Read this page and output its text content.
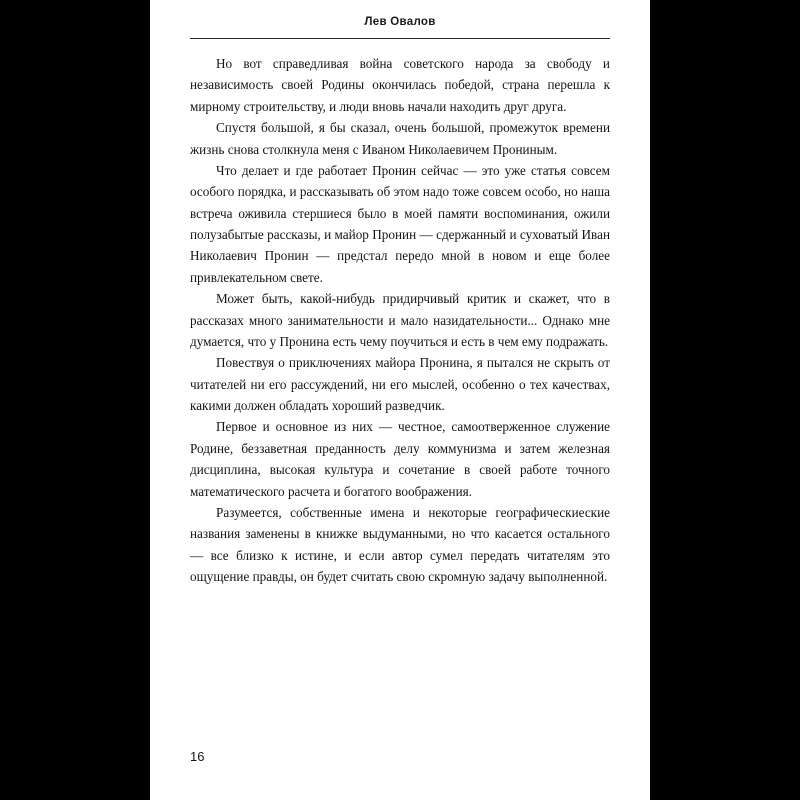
Лев Овалов

Но вот справедливая война советского народа за свободу и независимость своей Родины окончилась победой, страна перешла к мирному строительству, и люди вновь начали находить друг друга.

Спустя большой, я бы сказал, очень большой, промежуток времени жизнь снова столкнула меня с Иваном Николаевичем Прониным.

Что делает и где работает Пронин сейчас — это уже статья совсем особого порядка, и рассказывать об этом надо тоже совсем особо, но наша встреча оживила стершиеся было в моей памяти воспоминания, ожили полузабытые рассказы, и майор Пронин — сдержанный и суховатый Иван Николаевич Пронин — предстал передо мной в новом и еще более привлекательном свете.

Может быть, какой-нибудь придирчивый критик и скажет, что в рассказах много занимательности и мало назидательности... Однако мне думается, что у Пронина есть чему поучиться и есть в чем ему подражать.

Повествуя о приключениях майора Пронина, я пытался не скрыть от читателей ни его рассуждений, ни его мыслей, особенно о тех качествах, какими должен обладать хороший разведчик.

Первое и основное из них — честное, самоотверженное служение Родине, беззаветная преданность делу коммунизма и затем железная дисциплина, высокая культура и сочетание в своей работе точного математического расчета и богатого воображения.

Разумеется, собственные имена и некоторые географическиеские названия заменены в книжке выдуманными, но что касается остального — все близко к истине, и если автор сумел передать читателям это ощущение правды, он будет считать свою скромную задачу выполненной.

16
